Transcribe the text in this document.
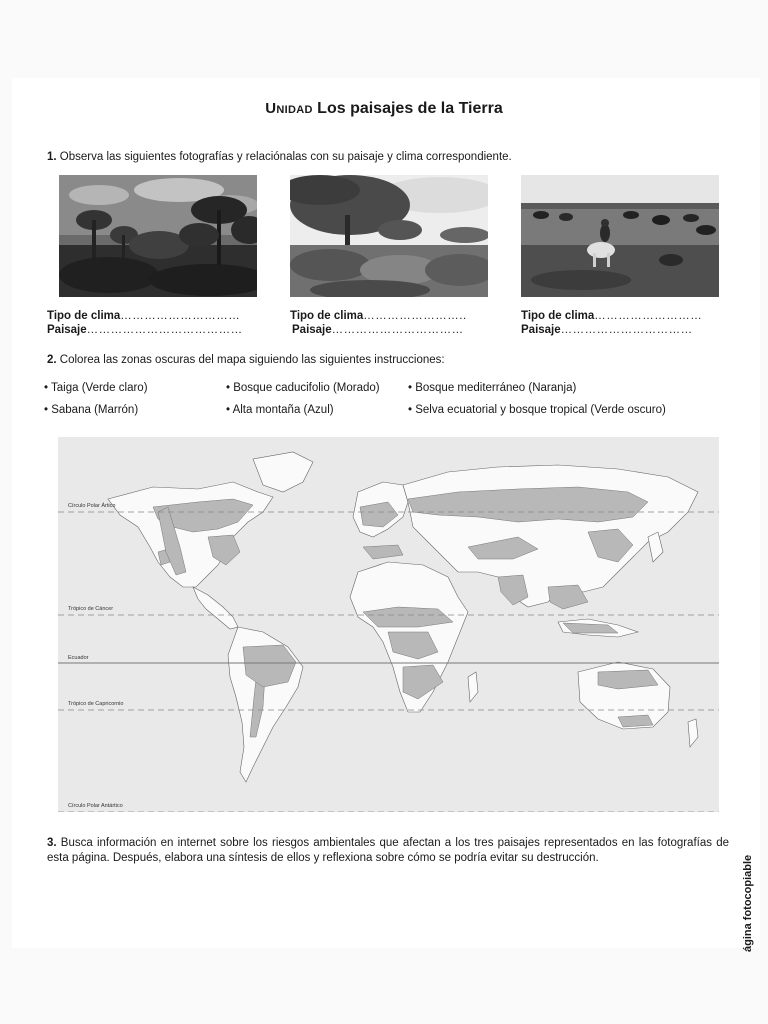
Unidad Los paisajes de la Tierra
1. Observa las siguientes fotografías y relaciónalas con su paisaje y clima correspondiente.
Tipo de clima…………………………
Paisaje…………………………………
Tipo de clima……………………..
Paisaje……………………………
Tipo de clima………………………
Paisaje……………………………
2. Colorea las zonas oscuras del mapa siguiendo las siguientes instrucciones:
• Taiga (Verde claro)	• Bosque caducifolio (Morado) • Bosque mediterráneo (Naranja)
• Sabana (Marrón)	• Alta montaña (Azul)	• Selva ecuatorial y bosque tropical (Verde oscuro)
Círculo Polar Ártico
Trópico de Cáncer
Ecuador
Trópico de Capricornio
Círculo Polar Antártico
3. Busca información en internet sobre los riesgos ambientales que afectan a los tres paisajes representados en las fotografías de esta página. Después, elabora una síntesis de ellos y reflexiona sobre cómo se podría evitar su destrucción.	ágina fotocopiable
